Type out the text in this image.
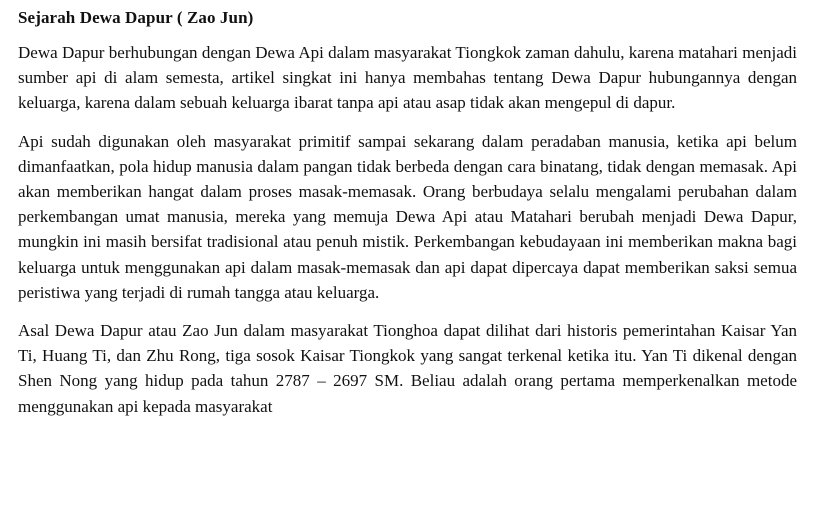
Sejarah Dewa Dapur ( Zao Jun)

Dewa Dapur berhubungan dengan Dewa Api dalam masyarakat Tiongkok zaman dahulu, karena matahari menjadi sumber api di alam semesta, artikel singkat ini hanya membahas tentang Dewa Dapur hubungannya dengan keluarga, karena dalam sebuah keluarga ibarat tanpa api atau asap tidak akan mengepul di dapur.

Api sudah digunakan oleh masyarakat primitif sampai sekarang dalam peradaban manusia, ketika api belum dimanfaatkan, pola hidup manusia dalam pangan tidak berbeda dengan cara binatang, tidak dengan memasak. Api akan memberikan hangat dalam proses masak-memasak. Orang berbudaya selalu mengalami perubahan dalam perkembangan umat manusia, mereka yang memuja Dewa Api atau Matahari berubah menjadi Dewa Dapur, mungkin ini masih bersifat tradisional atau penuh mistik. Perkembangan kebudayaan ini memberikan makna bagi keluarga untuk menggunakan api dalam masak-memasak dan api dapat dipercaya dapat memberikan saksi semua peristiwa yang terjadi di rumah tangga atau keluarga.

Asal Dewa Dapur atau Zao Jun dalam masyarakat Tionghoa dapat dilihat dari historis pemerintahan Kaisar Yan Ti, Huang Ti, dan Zhu Rong, tiga sosok Kaisar Tiongkok yang sangat terkenal ketika itu. Yan Ti dikenal dengan Shen Nong yang hidup pada tahun 2787 – 2697 SM. Beliau adalah orang pertama memperkenalkan metode menggunakan api kepada masyarakat
